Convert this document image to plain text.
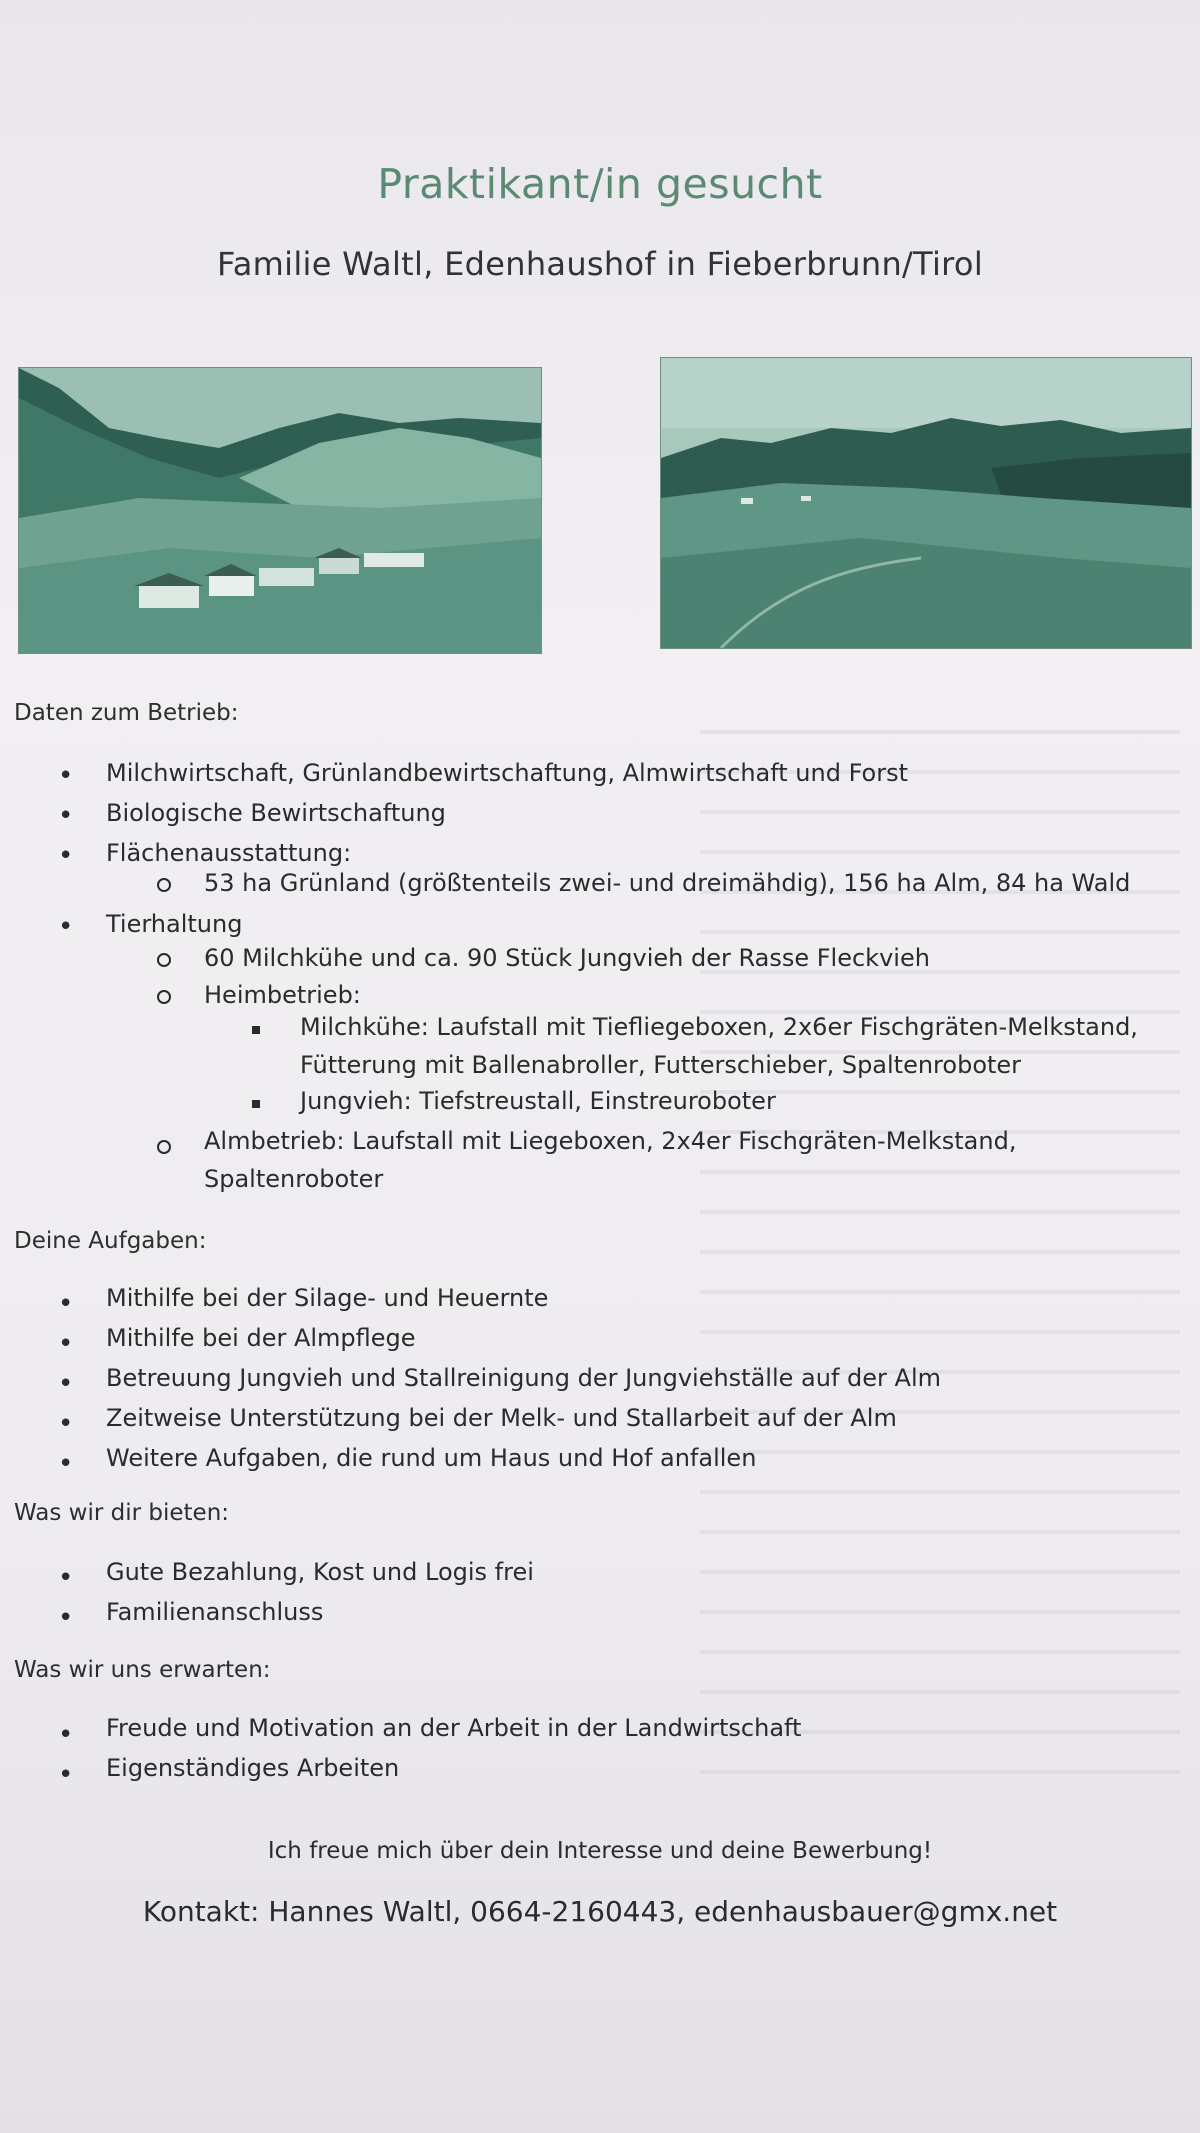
Praktikant/in gesucht
Familie Waltl, Edenhaushof in Fieberbrunn/Tirol
Daten zum Betrieb:
• Milchwirtschaft, Grünlandbewirtschaftung, Almwirtschaft und Forst
• Biologische Bewirtschaftung
• Flächenausstattung:
53 ha Grünland (größtenteils zwei- und dreimähdig), 156 ha Alm, 84 ha Wald
• Tierhaltung
60 Milchkühe und ca. 90 Stück Jungvieh der Rasse Fleckvieh
Heimbetrieb:
Milchkühe: Laufstall mit Tiefliegeboxen, 2x6er Fischgräten-Melkstand,
Fütterung mit Ballenabroller, Futterschieber, Spaltenroboter
Jungvieh: Tiefstreustall, Einstreuroboter
Almbetrieb: Laufstall mit Liegeboxen, 2x4er Fischgräten-Melkstand,
Spaltenroboter
Deine Aufgaben:
• Mithilfe bei der Silage- und Heuernte
• Mithilfe bei der Almpflege
• Betreuung Jungvieh und Stallreinigung der Jungviehställe auf der Alm
• Zeitweise Unterstützung bei der Melk- und Stallarbeit auf der Alm
• Weitere Aufgaben, die rund um Haus und Hof anfallen
Was wir dir bieten:
• Gute Bezahlung, Kost und Logis frei
• Familienanschluss
Was wir uns erwarten:
• Freude und Motivation an der Arbeit in der Landwirtschaft
• Eigenständiges Arbeiten
Ich freue mich über dein Interesse und deine Bewerbung!
Kontakt: Hannes Waltl, 0664-2160443, edenhausbauer@gmx.net
